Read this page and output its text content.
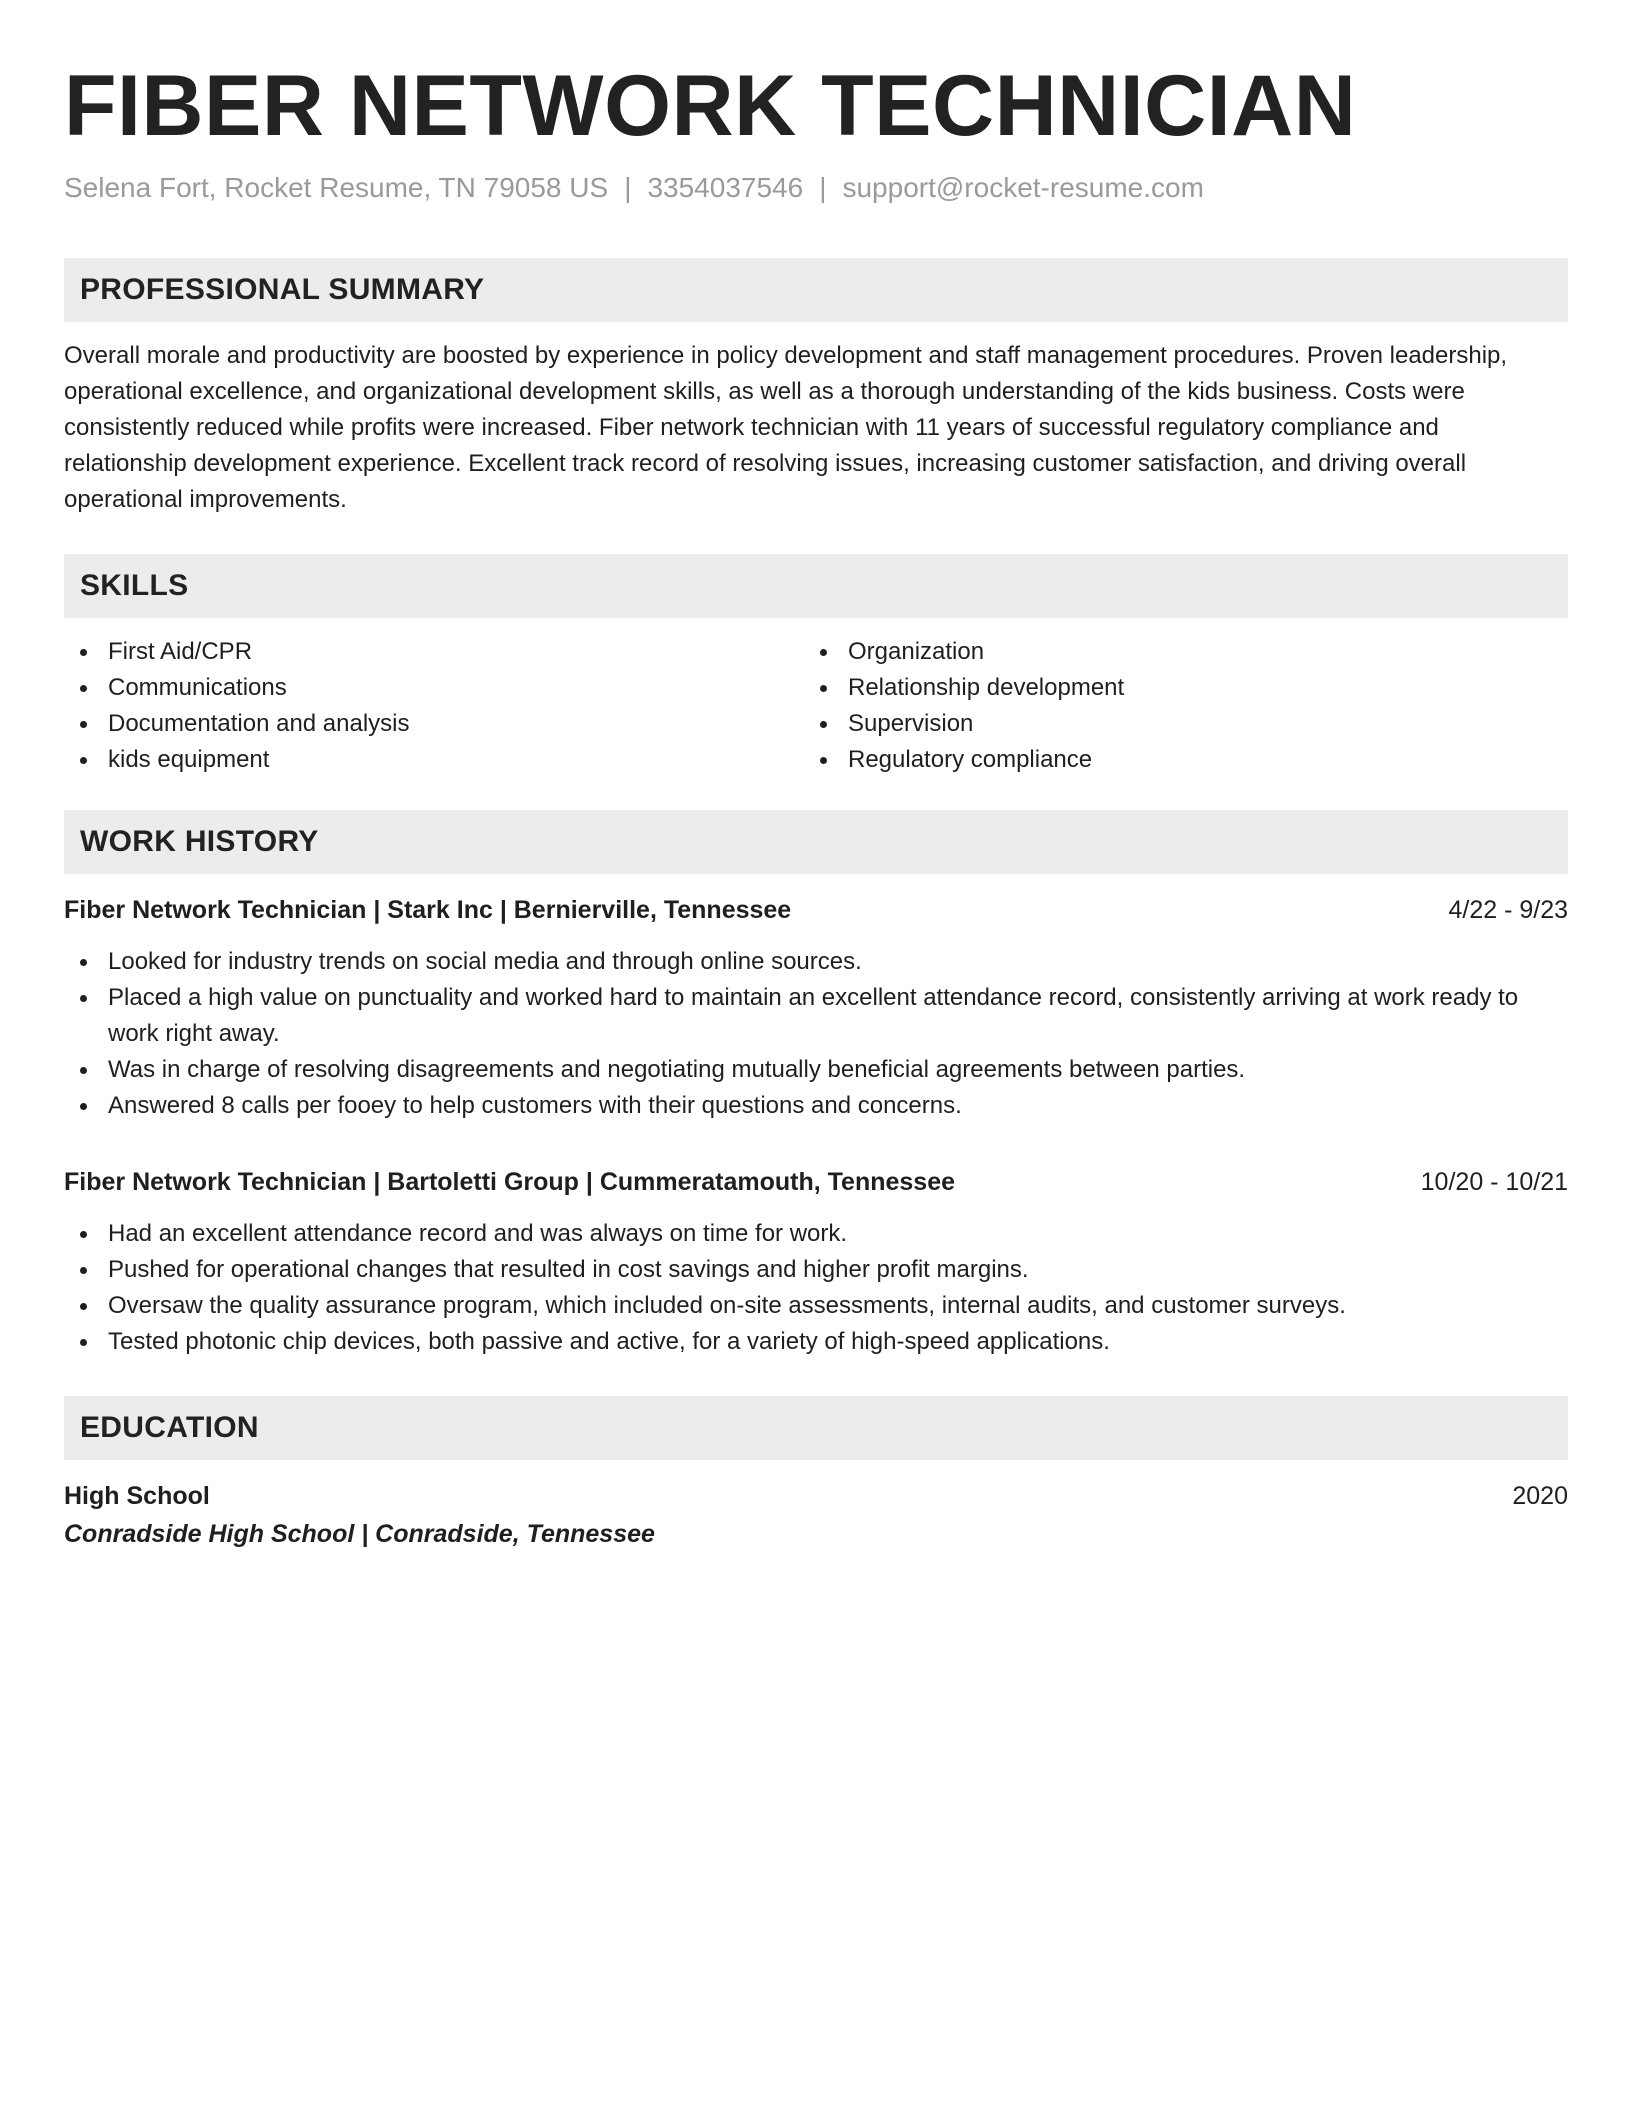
FIBER NETWORK TECHNICIAN
Selena Fort, Rocket Resume, TN 79058 US | 3354037546 | support@rocket-resume.com
PROFESSIONAL SUMMARY

Overall morale and productivity are boosted by experience in policy development and staff management procedures. Proven leadership, operational excellence, and organizational development skills, as well as a thorough understanding of the kids business. Costs were consistently reduced while profits were increased. Fiber network technician with 11 years of successful regulatory compliance and relationship development experience. Excellent track record of resolving issues, increasing customer satisfaction, and driving overall operational improvements.

SKILLS
First Aid/CPR
Communications
Documentation and analysis
kids equipment
Organization
Relationship development
Supervision
Regulatory compliance
WORK HISTORY
Fiber Network Technician | Stark Inc | Bernierville, Tennessee	4/22 - 9/23
Looked for industry trends on social media and through online sources.
Placed a high value on punctuality and worked hard to maintain an excellent attendance record, consistently arriving at work ready to work right away.
Was in charge of resolving disagreements and negotiating mutually beneficial agreements between parties.
Answered 8 calls per fooey to help customers with their questions and concerns.
Fiber Network Technician | Bartoletti Group | Cummeratamouth, Tennessee	10/20 - 10/21
Had an excellent attendance record and was always on time for work.
Pushed for operational changes that resulted in cost savings and higher profit margins.
Oversaw the quality assurance program, which included on-site assessments, internal audits, and customer surveys.
Tested photonic chip devices, both passive and active, for a variety of high-speed applications.
EDUCATION
High School	2020
Conradside High School | Conradside, Tennessee
